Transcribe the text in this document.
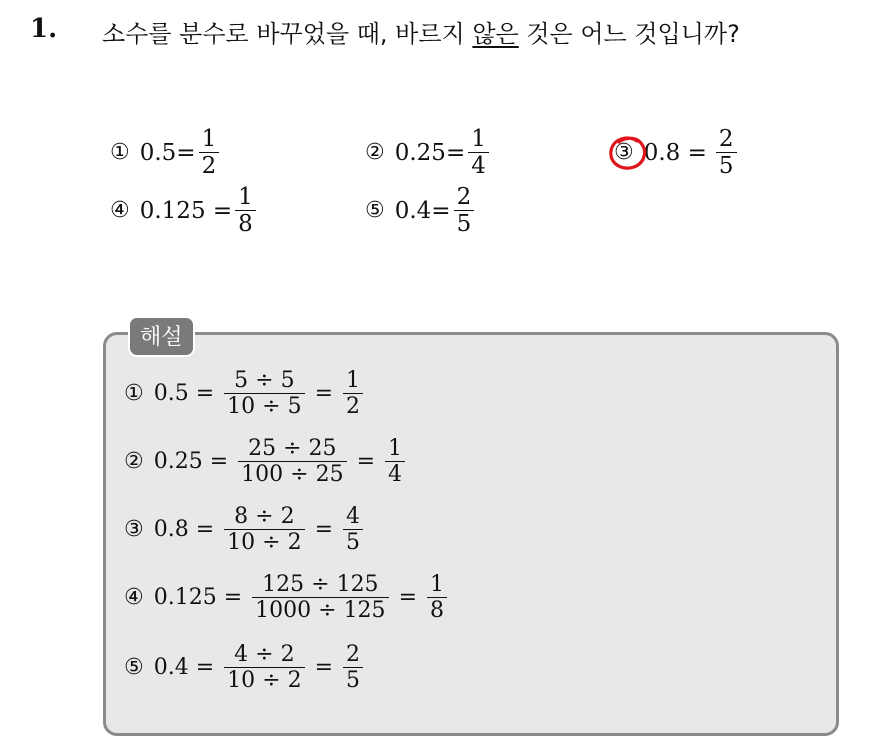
1. 소수를 분수로 바꾸었을 때, 바르지 않은 것은 어느 것입니까?
① $0.5= \frac{1}{2}$	② $0.25= \frac{1}{4}$	③ $0.8 = \frac{2}{5}$
④ $0.125 = \frac{1}{8}$	⑤ $0.4= \frac{2}{5}$
해설
① $0.5 = \frac{5 \div 5}{10 \div 5} = \frac{1}{2}$
② $0.25 = \frac{25 \div 25}{100 \div 25} = \frac{1}{4}$
③ $0.8 = \frac{8 \div 2}{10 \div 2} = \frac{4}{5}$
④ $0.125 = \frac{125 \div 125}{1000 \div 125} = \frac{1}{8}$
⑤ $0.4 = \frac{4 \div 2}{10 \div 2} = \frac{2}{5}$
